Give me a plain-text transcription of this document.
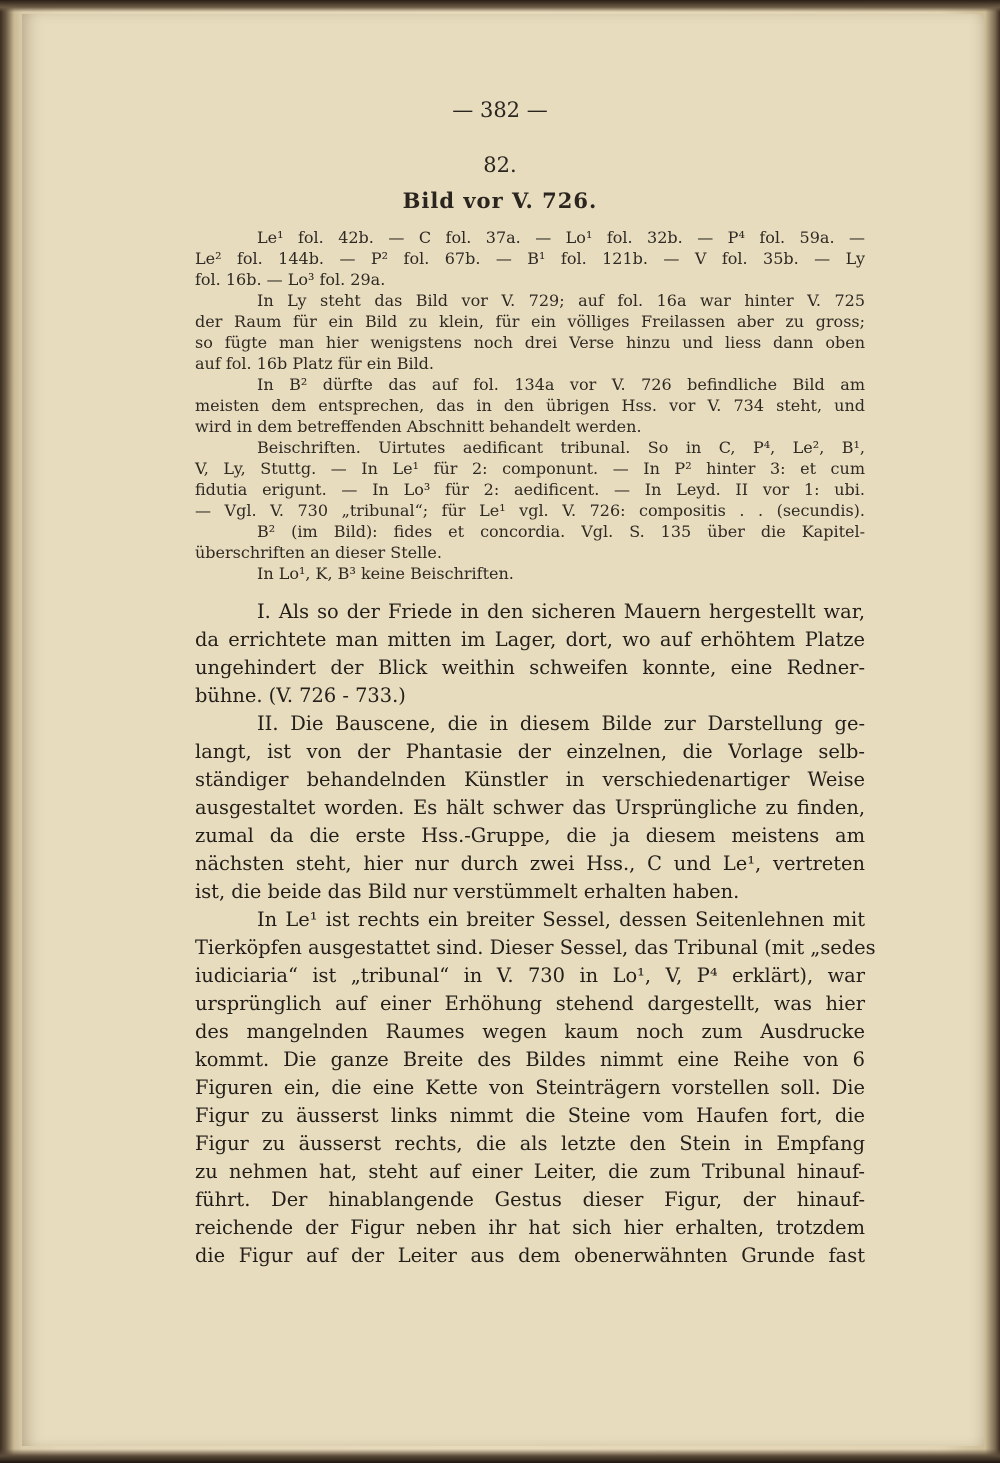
— 382 —
82.
Bild vor V. 726.
Le¹ fol. 42b. — C fol. 37a. — Lo¹ fol. 32b. — P⁴ fol. 59a. —
Le² fol. 144b. — P² fol. 67b. — B¹ fol. 121b. — V fol. 35b. — Ly
fol. 16b. — Lo³ fol. 29a.
In Ly steht das Bild vor V. 729; auf fol. 16a war hinter V. 725
der Raum für ein Bild zu klein, für ein völliges Freilassen aber zu gross;
so fügte man hier wenigstens noch drei Verse hinzu und liess dann oben
auf fol. 16b Platz für ein Bild.
In B² dürfte das auf fol. 134a vor V. 726 befindliche Bild am
meisten dem entsprechen, das in den übrigen Hss. vor V. 734 steht, und
wird in dem betreffenden Abschnitt behandelt werden.
Beischriften. Uirtutes aedificant tribunal. So in C, P⁴, Le², B¹,
V, Ly, Stuttg. — In Le¹ für 2: componunt. — In P² hinter 3: et cum
fidutia erigunt. — In Lo³ für 2: aedificent. — In Leyd. II vor 1: ubi.
— Vgl. V. 730 „tribunal“; für Le¹ vgl. V. 726: compositis . . (secundis).
B² (im Bild): fides et concordia. Vgl. S. 135 über die Kapitel-
überschriften an dieser Stelle.
In Lo¹, K, B³ keine Beischriften.
I. Als so der Friede in den sicheren Mauern hergestellt war,
da errichtete man mitten im Lager, dort, wo auf erhöhtem Platze
ungehindert der Blick weithin schweifen konnte, eine Redner-
bühne. (V. 726 - 733.)
II. Die Bauscene, die in diesem Bilde zur Darstellung ge-
langt, ist von der Phantasie der einzelnen, die Vorlage selb-
ständiger behandelnden Künstler in verschiedenartiger Weise
ausgestaltet worden. Es hält schwer das Ursprüngliche zu finden,
zumal da die erste Hss.-Gruppe, die ja diesem meistens am
nächsten steht, hier nur durch zwei Hss., C und Le¹, vertreten
ist, die beide das Bild nur verstümmelt erhalten haben.
In Le¹ ist rechts ein breiter Sessel, dessen Seitenlehnen mit
Tierköpfen ausgestattet sind. Dieser Sessel, das Tribunal (mit „sedes
iudiciaria“ ist „tribunal“ in V. 730 in Lo¹, V, P⁴ erklärt), war
ursprünglich auf einer Erhöhung stehend dargestellt, was hier
des mangelnden Raumes wegen kaum noch zum Ausdrucke
kommt. Die ganze Breite des Bildes nimmt eine Reihe von 6
Figuren ein, die eine Kette von Steinträgern vorstellen soll. Die
Figur zu äusserst links nimmt die Steine vom Haufen fort, die
Figur zu äusserst rechts, die als letzte den Stein in Empfang
zu nehmen hat, steht auf einer Leiter, die zum Tribunal hinauf-
führt. Der hinablangende Gestus dieser Figur, der hinauf-
reichende der Figur neben ihr hat sich hier erhalten, trotzdem
die Figur auf der Leiter aus dem obenerwähnten Grunde fast
